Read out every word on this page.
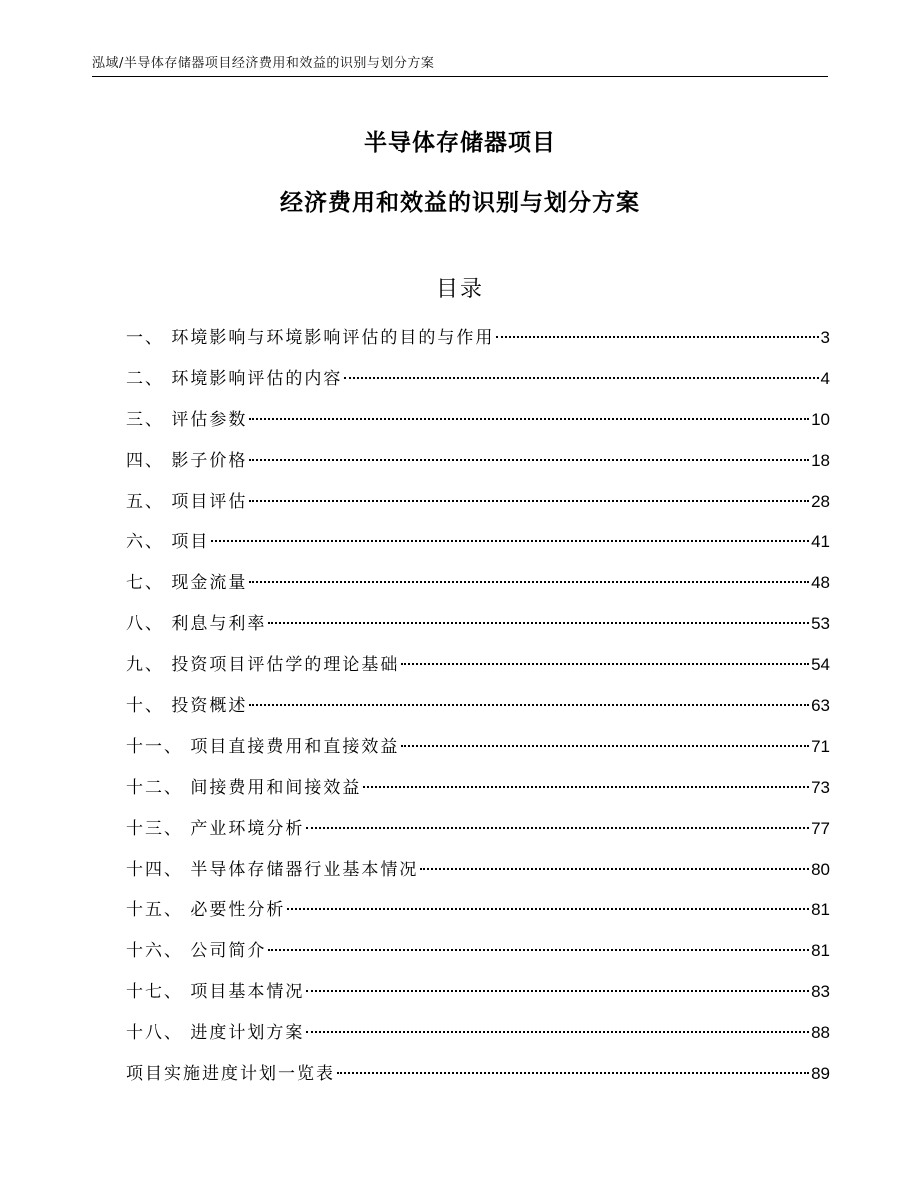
泓域/半导体存储器项目经济费用和效益的识别与划分方案
半导体存储器项目
经济费用和效益的识别与划分方案
目录
一、 环境影响与环境影响评估的目的与作用	3
二、 环境影响评估的内容	4
三、 评估参数	10
四、 影子价格	18
五、 项目评估	28
六、 项目	41
七、 现金流量	48
八、 利息与利率	53
九、 投资项目评估学的理论基础	54
十、 投资概述	63
十一、 项目直接费用和直接效益	71
十二、 间接费用和间接效益	73
十三、 产业环境分析	77
十四、 半导体存储器行业基本情况	80
十五、 必要性分析	81
十六、 公司简介	81
十七、 项目基本情况	83
十八、 进度计划方案	88
项目实施进度计划一览表	89
